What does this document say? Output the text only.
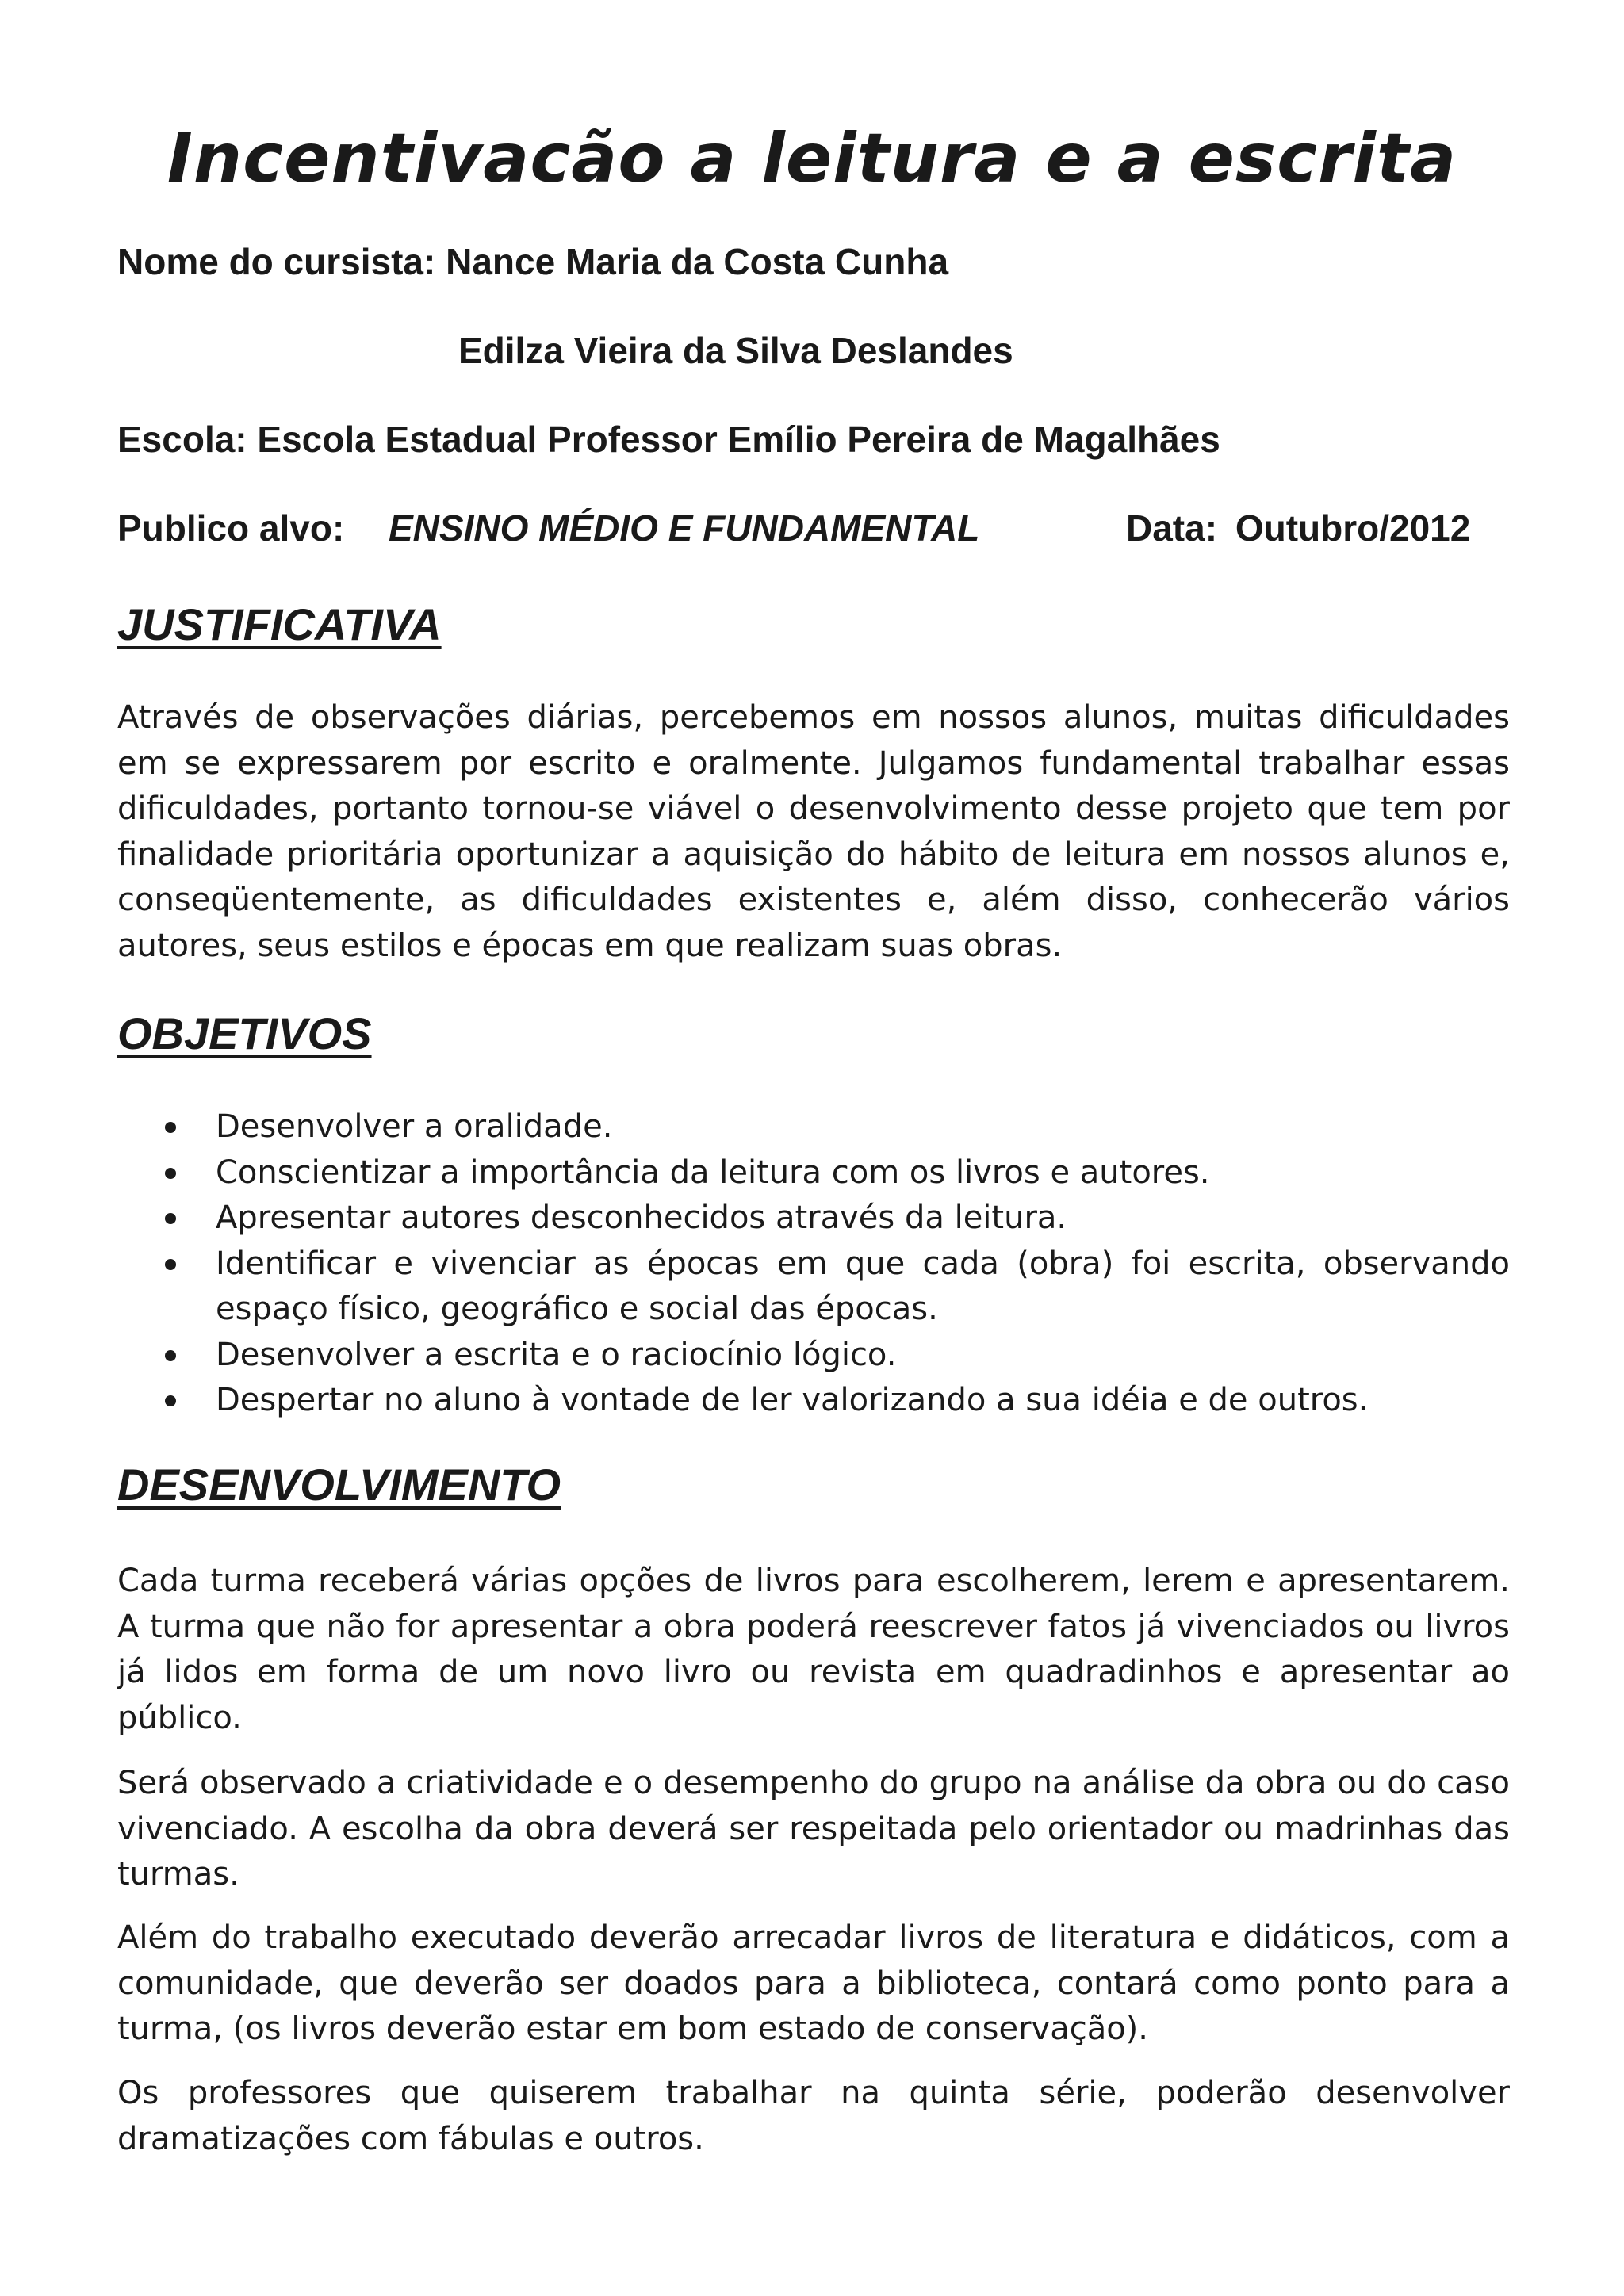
Incentivacão a leitura e a escrita
Nome do cursista: Nance Maria da Costa Cunha
Edilza Vieira da Silva Deslandes
Escola: Escola Estadual Professor Emílio Pereira de Magalhães
Publico alvo: ENSINO MÉDIO E FUNDAMENTAL	Data: Outubro/2012
JUSTIFICATIVA

Através de observações diárias, percebemos em nossos alunos, muitas dificuldades em se expressarem por escrito e oralmente. Julgamos fundamental trabalhar essas dificuldades, portanto tornou-se viável o desenvolvimento desse projeto que tem por finalidade prioritária oportunizar a aquisição do hábito de leitura em nossos alunos e, conseqüentemente, as dificuldades existentes e, além disso, conhecerão vários autores, seus estilos e épocas em que realizam suas obras.

OBJETIVOS
Desenvolver a oralidade.
Conscientizar a importância da leitura com os livros e autores.
Apresentar autores desconhecidos através da leitura.
Identificar e vivenciar as épocas em que cada (obra) foi escrita, observando espaço físico, geográfico e social das épocas.
Desenvolver a escrita e o raciocínio lógico.
Despertar no aluno à vontade de ler valorizando a sua idéia e de outros.
DESENVOLVIMENTO

Cada turma receberá várias opções de livros para escolherem, lerem e apresentarem. A turma que não for apresentar a obra poderá reescrever fatos já vivenciados ou livros já lidos em forma de um novo livro ou revista em quadradinhos e apresentar ao público.

Será observado a criatividade e o desempenho do grupo na análise da obra ou do caso vivenciado. A escolha da obra deverá ser respeitada pelo orientador ou madrinhas das turmas.

Além do trabalho executado deverão arrecadar livros de literatura e didáticos, com a comunidade, que deverão ser doados para a biblioteca, contará como ponto para a turma, (os livros deverão estar em bom estado de conservação).

Os professores que quiserem trabalhar na quinta série, poderão desenvolver dramatizações com fábulas e outros.
